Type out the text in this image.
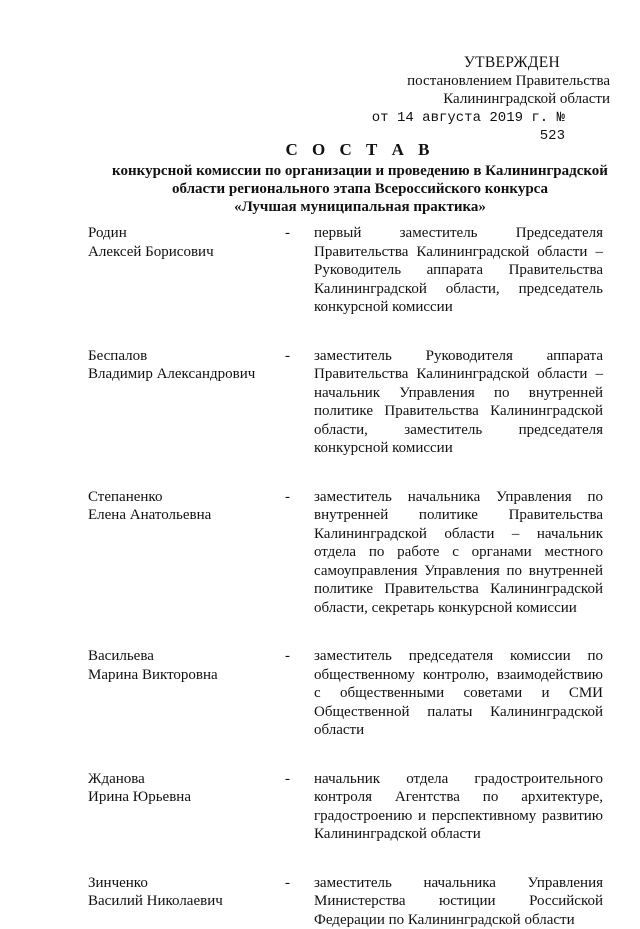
УТВЕРЖДЕН
постановлением Правительства
Калининградской области
от 14 августа 2019 г. № 523
С О С Т А В
конкурсной комиссии по организации и проведению в Калининградской
области регионального этапа Всероссийского конкурса
«Лучшая муниципальная практика»
Родин
Алексей Борисович
- первый заместитель Председателя Правительства Калининградской области – Руководитель аппарата Правительства Калининградской области, председатель конкурсной комиссии
Беспалов
Владимир Александрович
- заместитель Руководителя аппарата Правительства Калининградской области – начальник Управления по внутренней политике Правительства Калининградской области, заместитель председателя конкурсной комиссии
Степаненко
Елена Анатольевна
- заместитель начальника Управления по внутренней политике Правительства Калининградской области – начальник отдела по работе с органами местного самоуправления Управления по внутренней политике Правительства Калининградской области, секретарь конкурсной комиссии
Васильева
Марина Викторовна
- заместитель председателя комиссии по общественному контролю, взаимодействию с общественными советами и СМИ Общественной палаты Калининградской области
Жданова
Ирина Юрьевна
- начальник отдела градостроительного контроля Агентства по архитектуре, градостроению и перспективному развитию Калининградской области
Зинченко
Василий Николаевич
- заместитель начальника Управления Министерства юстиции Российской Федерации по Калининградской области
